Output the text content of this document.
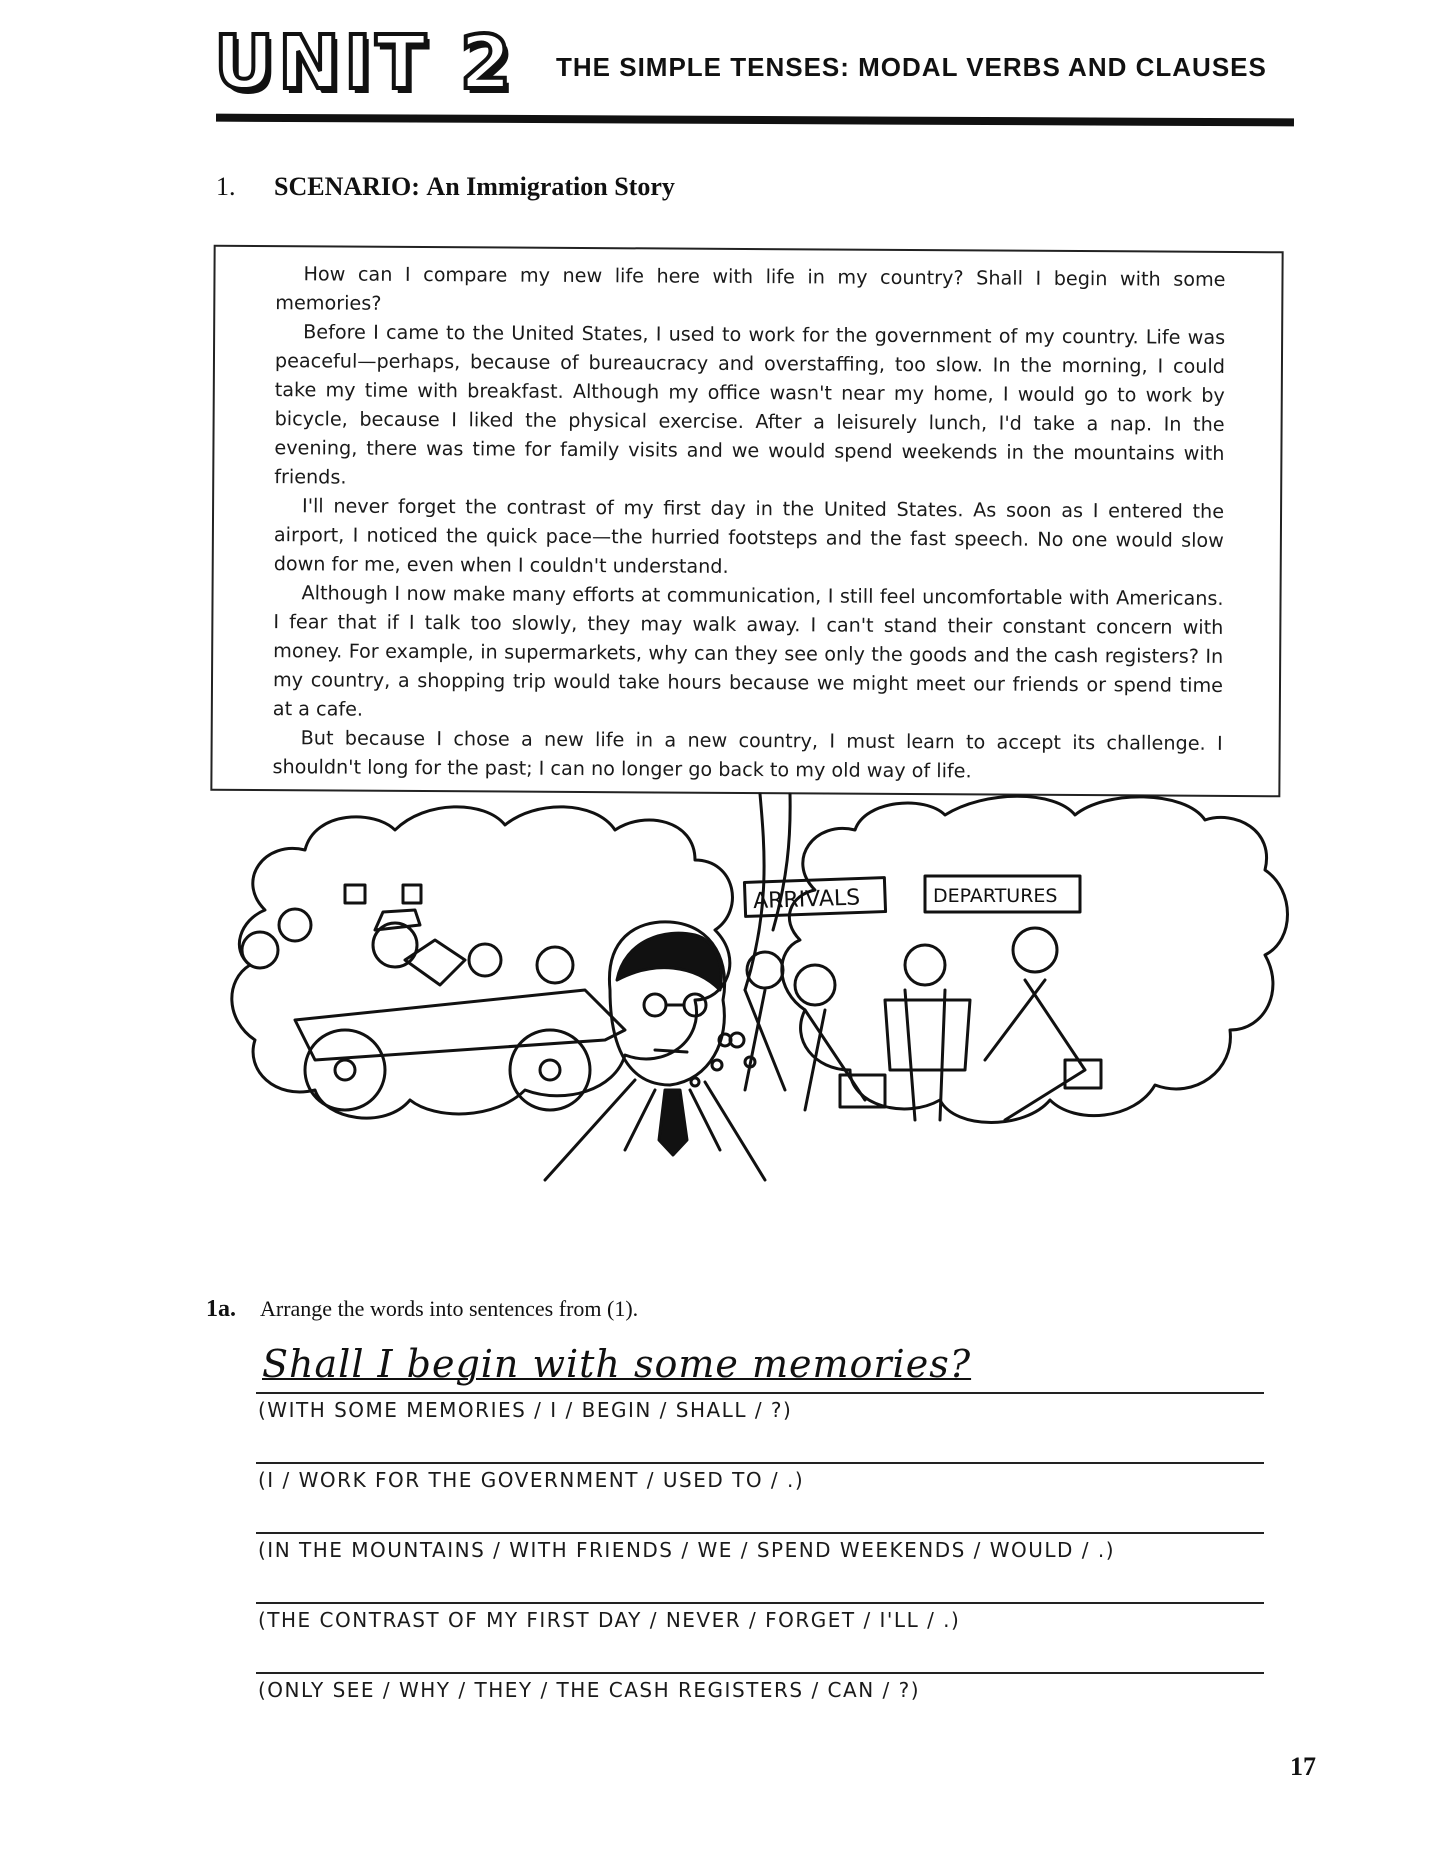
UNIT 2 THE SIMPLE TENSES: MODAL VERBS AND CLAUSES
1. SCENARIO: An Immigration Story

How can I compare my new life here with life in my country? Shall I begin with some memories?

Before I came to the United States, I used to work for the government of my country. Life was peaceful—perhaps, because of bureaucracy and overstaffing, too slow. In the morning, I could take my time with breakfast. Although my office wasn't near my home, I would go to work by bicycle, because I liked the physical exercise. After a leisurely lunch, I'd take a nap. In the evening, there was time for family visits and we would spend weekends in the mountains with friends.

I'll never forget the contrast of my first day in the United States. As soon as I entered the airport, I noticed the quick pace—the hurried footsteps and the fast speech. No one would slow down for me, even when I couldn't understand.

Although I now make many efforts at communication, I still feel uncomfortable with Americans. I fear that if I talk too slowly, they may walk away. I can't stand their constant concern with money. For example, in supermarkets, why can they see only the goods and the cash registers? In my country, a shopping trip would take hours because we might meet our friends or spend time at a cafe.

But because I chose a new life in a new country, I must learn to accept its challenge. I shouldn't long for the past; I can no longer go back to my old way of life.

ARRIVALS	DEPARTURES
1a. Arrange the words into sentences from (1).
Shall I begin with some memories?
(WITH SOME MEMORIES / I / BEGIN / SHALL / ?)
(I / WORK FOR THE GOVERNMENT / USED TO / .)
(IN THE MOUNTAINS / WITH FRIENDS / WE / SPEND WEEKENDS / WOULD / .)
(THE CONTRAST OF MY FIRST DAY / NEVER / FORGET / I'LL / .)
(ONLY SEE / WHY / THEY / THE CASH REGISTERS / CAN / ?)
17
